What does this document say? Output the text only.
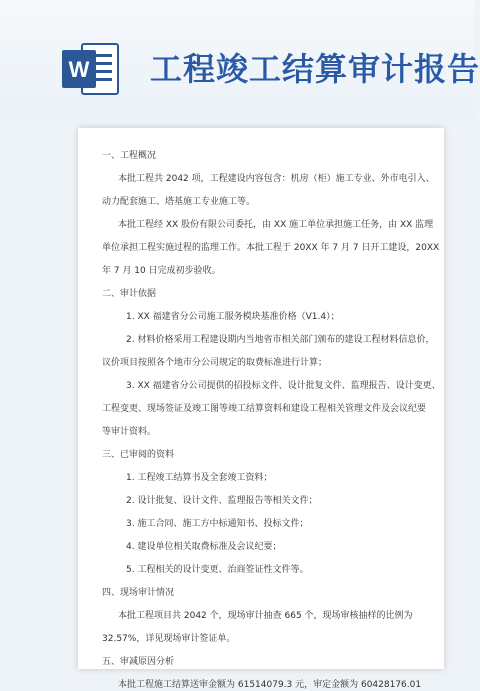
W 工程竣工结算审计报告
一、工程概况
本批工程共 2042 项，工程建设内容包含：机房（柜）施工专业、外市电引入、
动力配套施工、塔基施工专业施工等。
本批工程经 XX 股份有限公司委托，由 XX 施工单位承担施工任务，由 XX 监理
单位承担工程实施过程的监理工作。本批工程于 20XX 年 7 月 7 日开工建设，20XX
年 7 月 10 日完成初步验收。
二、审计依据
1. XX 福建省分公司施工服务模块基准价格（V1.4）；
2. 材料价格采用工程建设期内当地省市相关部门颁布的建设工程材料信息价，
议价项目按照各个地市分公司规定的取费标准进行计算；
3. XX 福建省分公司提供的招投标文件、设计批复文件、监理报告、设计变更、
工程变更、现场签证及竣工图等竣工结算资料和建设工程相关管理文件及会议纪要
等审计资料。
三、已审阅的资料
1. 工程竣工结算书及全套竣工资料；
2. 设计批复、设计文件、监理报告等相关文件；
3. 施工合同、施工方中标通知书、投标文件；
4. 建设单位相关取费标准及会议纪要；
5. 工程相关的设计变更、治商签证性文件等。
四、现场审计情况
本批工程项目共 2042 个，现场审计抽查 665 个，现场审核抽样的比例为
32.57%，详见现场审计签证单。
五、审减原因分析
本批工程施工结算送审金额为 61514079.3 元，审定金额为 60428176.01
